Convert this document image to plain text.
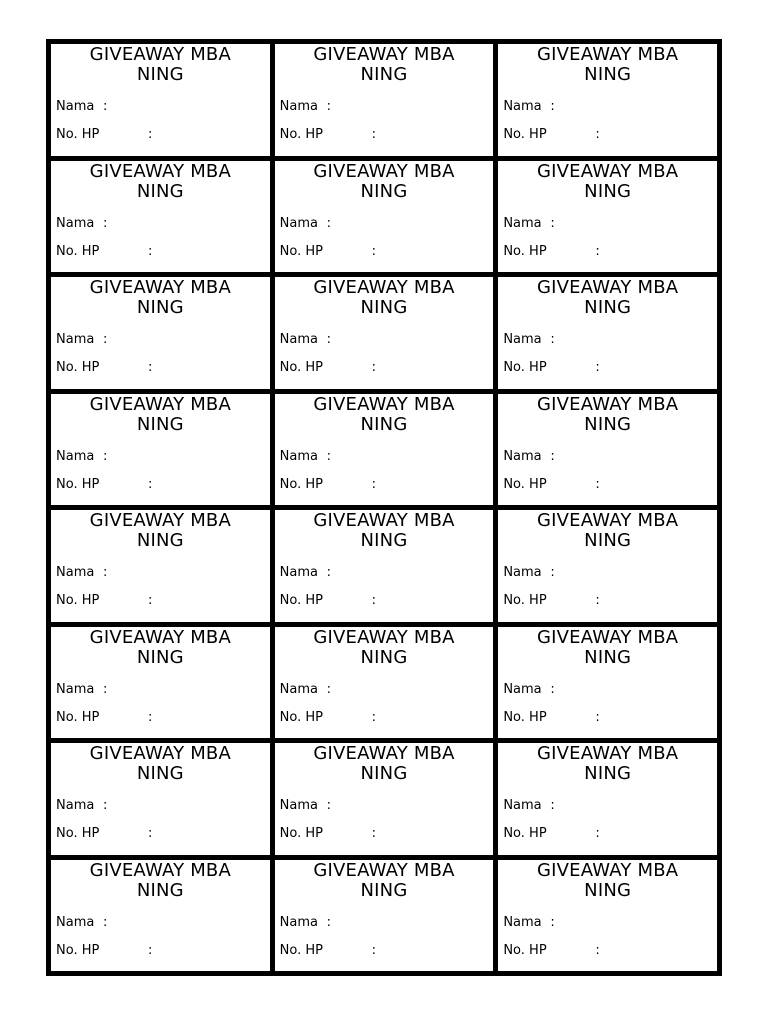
GIVEAWAY MBA
NING
Nama :
No. HP	:
GIVEAWAY MBA
NING
Nama :
No. HP	:
GIVEAWAY MBA
NING
Nama :
No. HP	:
GIVEAWAY MBA
NING
Nama :
No. HP	:
GIVEAWAY MBA
NING
Nama :
No. HP	:
GIVEAWAY MBA
NING
Nama :
No. HP	:
GIVEAWAY MBA
NING
Nama :
No. HP	:
GIVEAWAY MBA
NING
Nama :
No. HP	:
GIVEAWAY MBA
NING
Nama :
No. HP	:
GIVEAWAY MBA
NING
Nama :
No. HP	:
GIVEAWAY MBA
NING
Nama :
No. HP	:
GIVEAWAY MBA
NING
Nama :
No. HP	:
GIVEAWAY MBA
NING
Nama :
No. HP	:
GIVEAWAY MBA
NING
Nama :
No. HP	:
GIVEAWAY MBA
NING
Nama :
No. HP	:
GIVEAWAY MBA
NING
Nama :
No. HP	:
GIVEAWAY MBA
NING
Nama :
No. HP	:
GIVEAWAY MBA
NING
Nama :
No. HP	:
GIVEAWAY MBA
NING
Nama :
No. HP	:
GIVEAWAY MBA
NING
Nama :
No. HP	:
GIVEAWAY MBA
NING
Nama :
No. HP	:
GIVEAWAY MBA
NING
Nama :
No. HP	:
GIVEAWAY MBA
NING
Nama :
No. HP	:
GIVEAWAY MBA
NING
Nama :
No. HP	:
